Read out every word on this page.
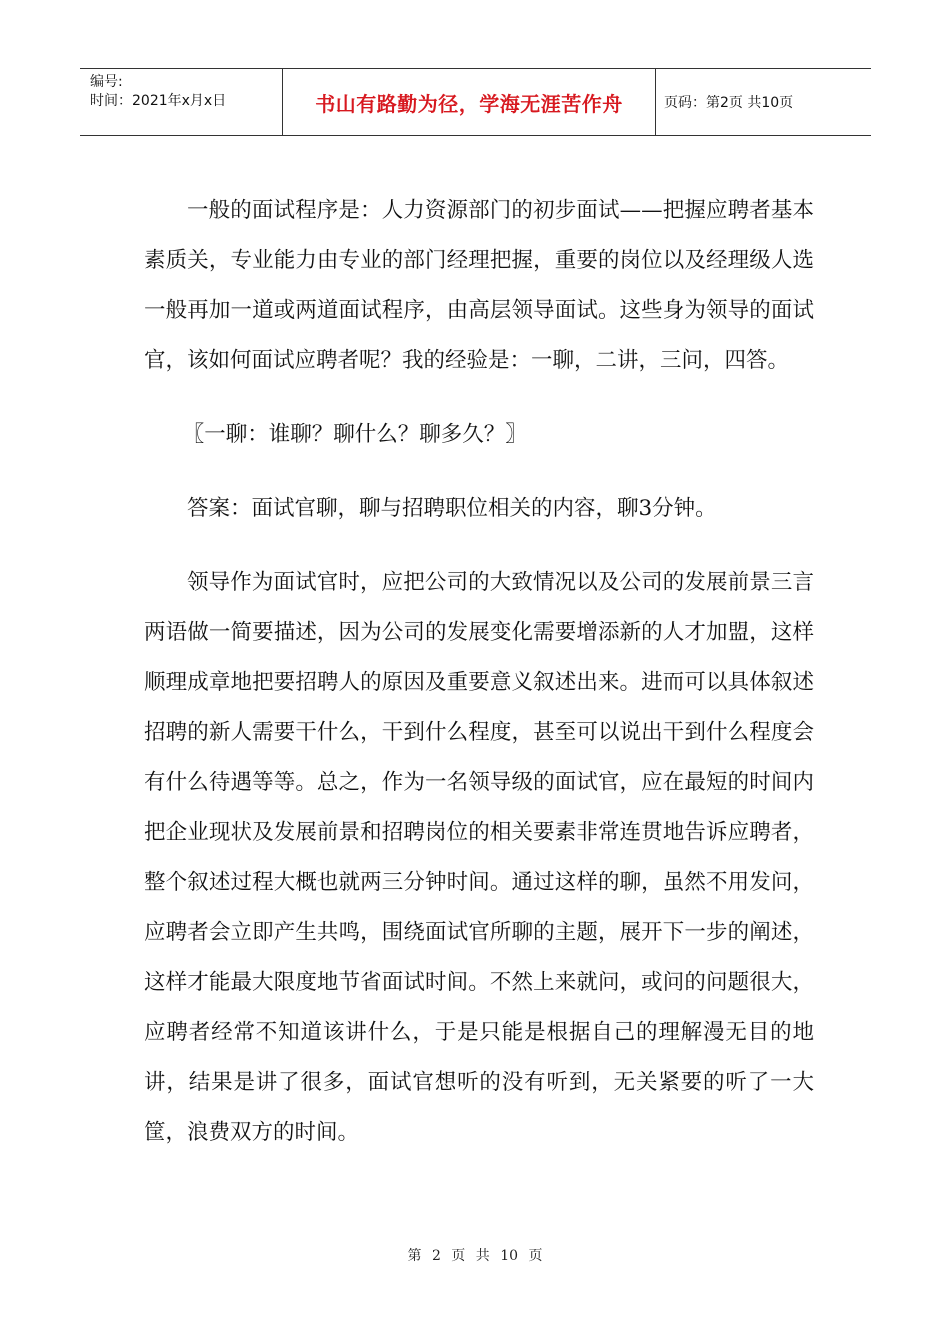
编号:
时间：2021年x月x日	书山有路勤为径，学海无涯苦作舟	页码：第2页 共10页

一般的面试程序是：人力资源部门的初步面试——把握应聘者基本素质关，专业能力由专业的部门经理把握，重要的岗位以及经理级人选一般再加一道或两道面试程序，由高层领导面试。这些身为领导的面试官，该如何面试应聘者呢？我的经验是：一聊，二讲，三问，四答。

〖一聊：谁聊？聊什么？聊多久？〗

答案：面试官聊，聊与招聘职位相关的内容，聊3分钟。

领导作为面试官时，应把公司的大致情况以及公司的发展前景三言两语做一简要描述，因为公司的发展变化需要增添新的人才加盟，这样顺理成章地把要招聘人的原因及重要意义叙述出来。进而可以具体叙述招聘的新人需要干什么，干到什么程度，甚至可以说出干到什么程度会有什么待遇等等。总之，作为一名领导级的面试官，应在最短的时间内把企业现状及发展前景和招聘岗位的相关要素非常连贯地告诉应聘者，整个叙述过程大概也就两三分钟时间。通过这样的聊，虽然不用发问，应聘者会立即产生共鸣，围绕面试官所聊的主题，展开下一步的阐述，这样才能最大限度地节省面试时间。不然上来就问，或问的问题很大，应聘者经常不知道该讲什么，于是只能是根据自己的理解漫无目的地讲，结果是讲了很多，面试官想听的没有听到，无关紧要的听了一大筐，浪费双方的时间。

第 2 页 共 10 页
